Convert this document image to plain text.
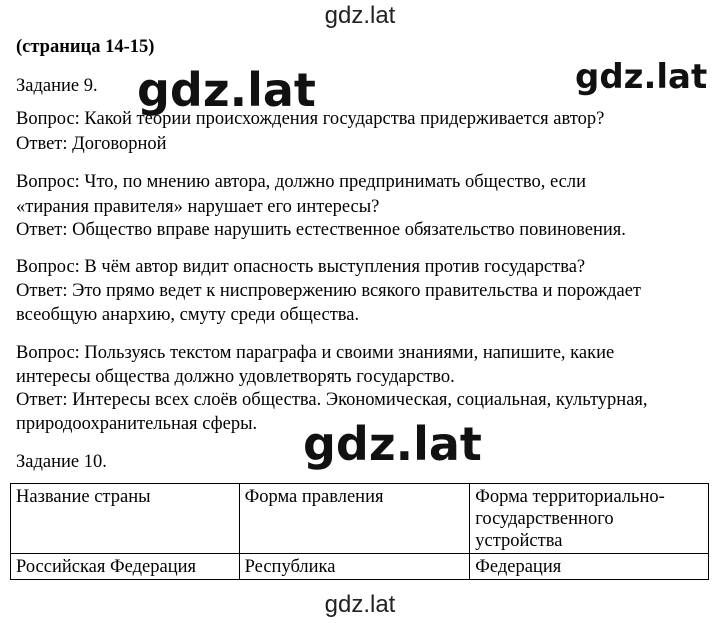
gdz.lat
(страница 14-15)
Задание 9.
Вопрос: Какой теории происхождения государства придерживается автор?
Ответ: Договорной
Вопрос: Что, по мнению автора, должно предпринимать общество, если
«тирания правителя» нарушает его интересы?
Ответ: Общество вправе нарушить естественное обязательство повиновения.
Вопрос: В чём автор видит опасность выступления против государства?
Ответ: Это прямо ведет к ниспровержению всякого правительства и порождает
всеобщую анархию, смуту среди общества.
Вопрос: Пользуясь текстом параграфа и своими знаниями, напишите, какие
интересы общества должно удовлетворять государство.
Ответ: Интересы всех слоёв общества. Экономическая, социальная, культурная,
природоохранительная сферы.
Задание 10.
Название страны	Форма правления	Форма территориально-
государственного
устройства

Российская Федерация	Республика	Федерация
gdz.lat	gdz.lat
gdz.lat
gdz.lat
